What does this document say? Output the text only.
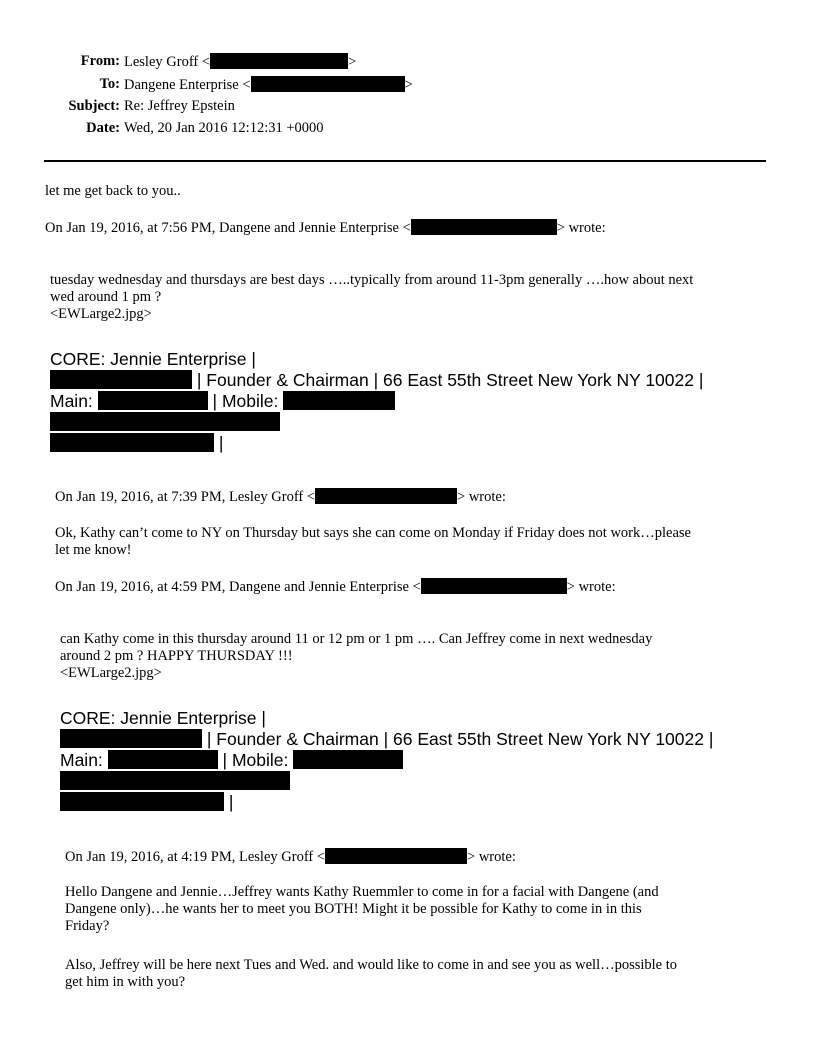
From: Lesley Groff <	>
To: Dangene Enterprise <	>
Subject: Re: Jeffrey Epstein
Date: Wed, 20 Jan 2016 12:12:31 +0000
let me get back to you..
On Jan 19, 2016, at 7:56 PM, Dangene and Jennie Enterprise <	> wrote:
tuesday wednesday and thursdays are best days …..typically from around 11-3pm generally ….how about next
wed around 1 pm ?
<EWLarge2.jpg>
CORE: Jennie Enterprise |
| Founder & Chairman | 66 East 55th Street New York NY 10022 |
Main:	| Mobile:
|
On Jan 19, 2016, at 7:39 PM, Lesley Groff <	> wrote:
Ok, Kathy can’t come to NY on Thursday but says she can come on Monday if Friday does not work…please
let me know!
On Jan 19, 2016, at 4:59 PM, Dangene and Jennie Enterprise <	> wrote:
can Kathy come in this thursday around 11 or 12 pm or 1 pm …. Can Jeffrey come in next wednesday
around 2 pm ? HAPPY THURSDAY !!!
<EWLarge2.jpg>
CORE: Jennie Enterprise |
| Founder & Chairman | 66 East 55th Street New York NY 10022 |
Main:	| Mobile:
|
On Jan 19, 2016, at 4:19 PM, Lesley Groff <	> wrote:
Hello Dangene and Jennie…Jeffrey wants Kathy Ruemmler to come in for a facial with Dangene (and
Dangene only)…he wants her to meet you BOTH! Might it be possible for Kathy to come in in this
Friday?
Also, Jeffrey will be here next Tues and Wed. and would like to come in and see you as well…possible to
get him in with you?
